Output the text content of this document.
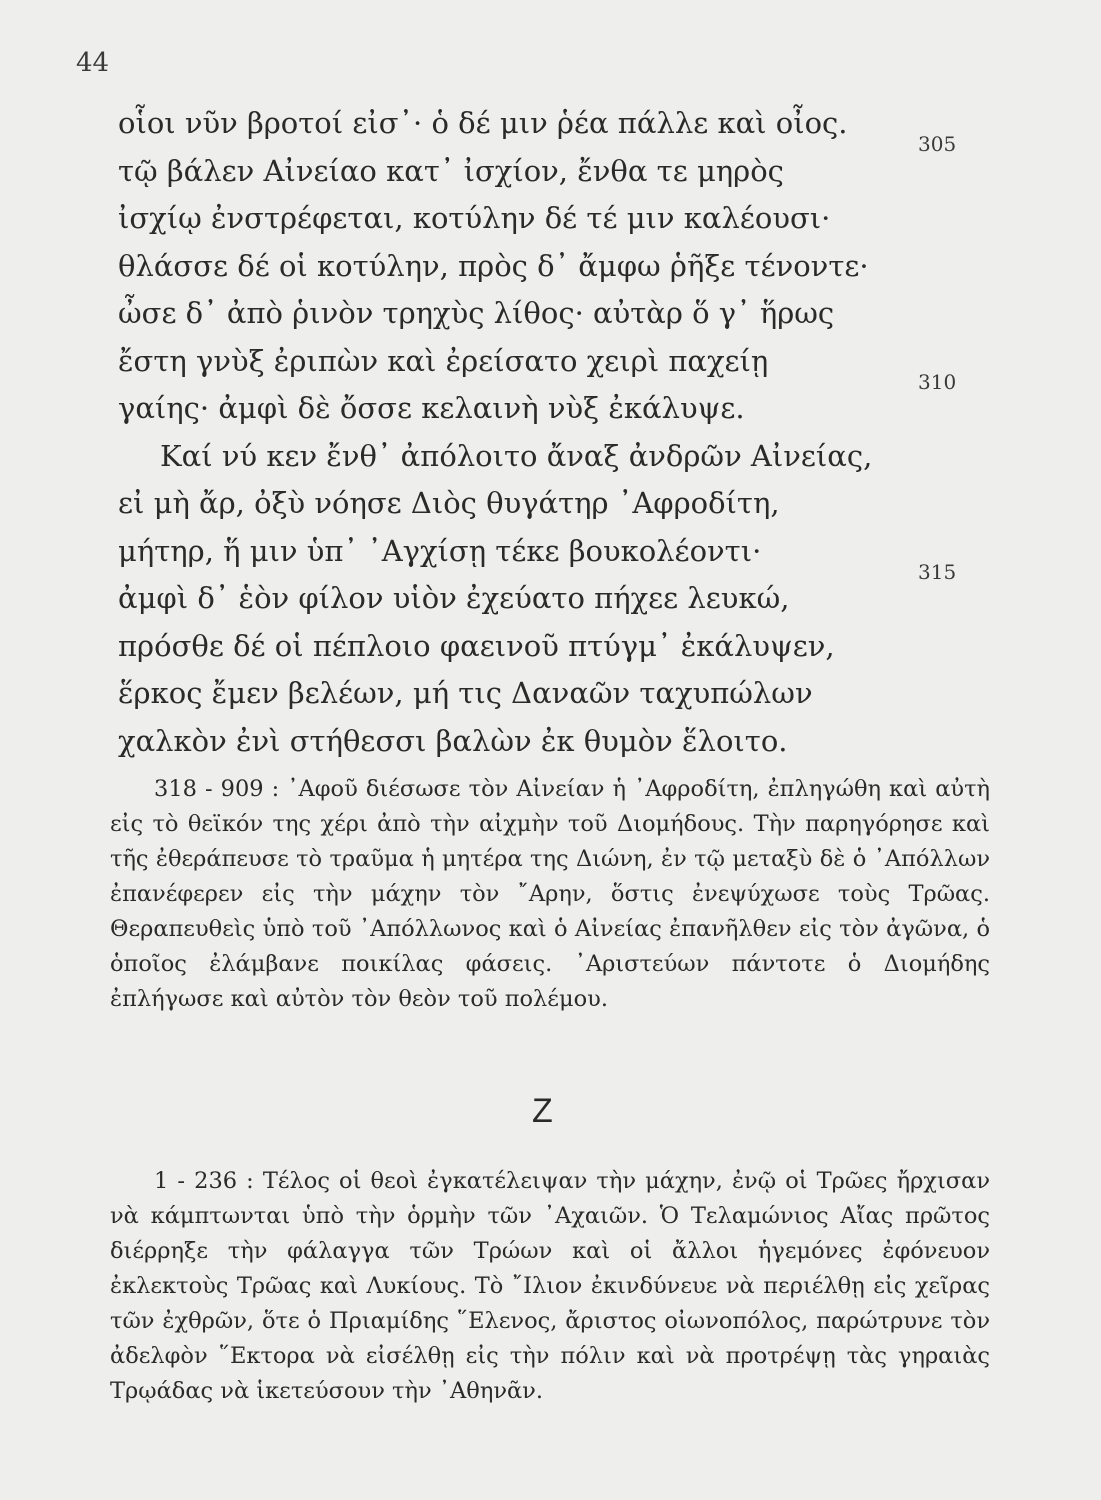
44
οἷοι νῦν βροτοί εἰσ᾽· ὁ δέ μιν ῥέα πάλλε καὶ οἶος.
τῷ βάλεν Αἰνείαο κατ᾽ ἰσχίον, ἔνθα τε μηρὸς
ἰσχίῳ ἐνστρέφεται, κοτύλην δέ τέ μιν καλέουσι·
θλάσσε δέ οἱ κοτύλην, πρὸς δ᾽ ἄμφω ῥῆξε τένοντε·
ὦσε δ᾽ ἀπὸ ῥινὸν τρηχὺς λίθος· αὐτὰρ ὅ γ᾽ ἥρως
ἔστη γνὺξ ἐριπὼν καὶ ἐρείσατο χειρὶ παχείῃ
γαίης· ἀμφὶ δὲ ὄσσε κελαινὴ νὺξ ἐκάλυψε.
Καί νύ κεν ἔνθ᾽ ἀπόλοιτο ἄναξ ἀνδρῶν Αἰνείας,
εἰ μὴ ἄρ, ὀξὺ νόησε Διὸς θυγάτηρ ᾽Αφροδίτη,
μήτηρ, ἥ μιν ὑπ᾽ ᾽Αγχίσῃ τέκε βουκολέοντι·
ἀμφὶ δ᾽ ἑὸν φίλον υἱὸν ἐχεύατο πήχεε λευκώ,
πρόσθε δέ οἱ πέπλοιο φαεινοῦ πτύγμ᾽ ἐκάλυψεν,
ἕρκος ἔμεν βελέων, μή τις Δαναῶν ταχυπώλων
χαλκὸν ἐνὶ στήθεσσι βαλὼν ἐκ θυμὸν ἕλοιτο.
305
310
315

318 - 909 : ᾽Αφοῦ διέσωσε τὸν Αἰνείαν ἡ ᾽Αφροδίτη, ἐπληγώθη καὶ αὐτὴ εἰς τὸ θεϊκόν της χέρι ἀπὸ τὴν αἰχμὴν τοῦ Διομήδους. Τὴν παρηγόρησε καὶ τῆς ἐθεράπευσε τὸ τραῦμα ἡ μητέρα της Διώνη, ἐν τῷ μεταξὺ δὲ ὁ ᾽Απόλλων ἐπανέφερεν εἰς τὴν μάχην τὸν ῎Αρην, ὅστις ἐνεψύχωσε τοὺς Τρῶας. Θεραπευθεὶς ὑπὸ τοῦ ᾽Απόλλωνος καὶ ὁ Αἰνείας ἐπανῆλθεν εἰς τὸν ἀγῶνα, ὁ ὁποῖος ἐλάμβανε ποικίλας φάσεις. ᾽Αριστεύων πάντοτε ὁ Διομήδης ἐπλήγωσε καὶ αὐτὸν τὸν θεὸν τοῦ πολέμου.

Ζ

1 - 236 : Τέλος οἱ θεοὶ ἐγκατέλειψαν τὴν μάχην, ἐνῷ οἱ Τρῶες ἤρχισαν νὰ κάμπτωνται ὑπὸ τὴν ὁρμὴν τῶν ᾽Αχαιῶν. Ὁ Τελαμώνιος Αἴας πρῶτος διέρρηξε τὴν φάλαγγα τῶν Τρώων καὶ οἱ ἄλλοι ἡγεμόνες ἐφόνευον ἐκλεκτοὺς Τρῶας καὶ Λυκίους. Τὸ ῎Ιλιον ἐκινδύνευε νὰ περιέλθῃ εἰς χεῖρας τῶν ἐχθρῶν, ὅτε ὁ Πριαμίδης ῞Ελενος, ἄριστος οἰωνοπόλος, παρώτρυνε τὸν ἀδελφὸν ῞Εκτορα νὰ εἰσέλθῃ εἰς τὴν πόλιν καὶ νὰ προτρέψῃ τὰς γηραιὰς Τρῳάδας νὰ ἱκετεύσουν τὴν ᾽Αθηνᾶν.
